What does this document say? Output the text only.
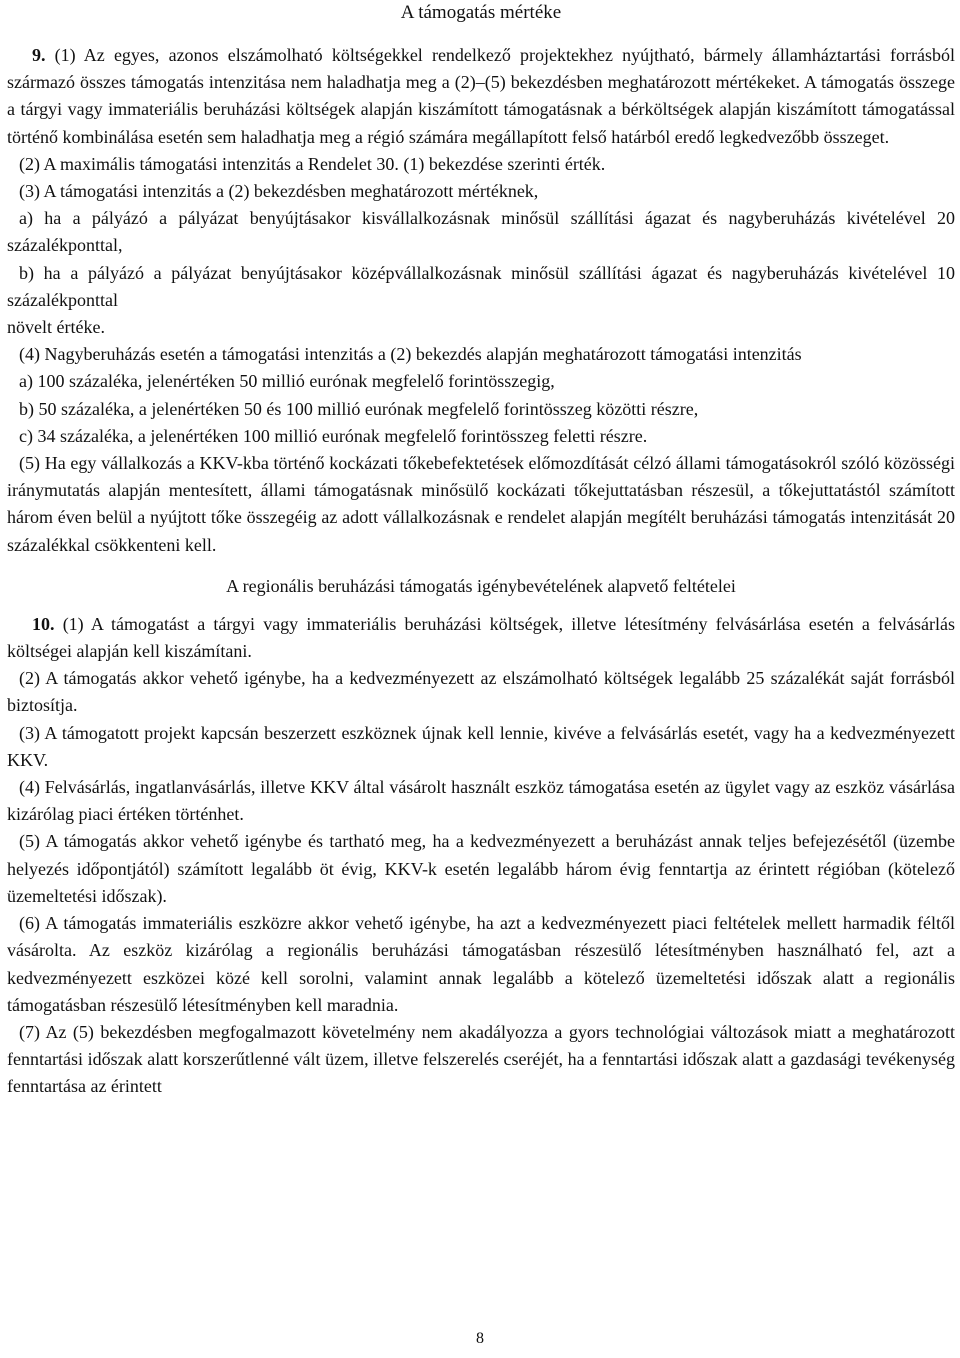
A támogatás mértéke

9. (1) Az egyes, azonos elszámolható költségekkel rendelkező projektekhez nyújtható, bármely államháztartási forrásból származó összes támogatás intenzitása nem haladhatja meg a (2)–(5) bekezdésben meghatározott mértékeket. A támogatás összege a tárgyi vagy immateriális beruházási költségek alapján kiszámított támogatásnak a bérköltségek alapján kiszámított támogatással történő kombinálása esetén sem haladhatja meg a régió számára megállapított felső határból eredő legkedvezőbb összeget.

(2) A maximális támogatási intenzitás a Rendelet 30. (1) bekezdése szerinti érték.

(3) A támogatási intenzitás a (2) bekezdésben meghatározott mértéknek,

a) ha a pályázó a pályázat benyújtásakor kisvállalkozásnak minősül szállítási ágazat és nagyberuházás kivételével 20 százalékponttal,

b) ha a pályázó a pályázat benyújtásakor középvállalkozásnak minősül szállítási ágazat és nagyberuházás kivételével 10 százalékponttal

növelt értéke.

(4) Nagyberuházás esetén a támogatási intenzitás a (2) bekezdés alapján meghatározott támogatási intenzitás

a) 100 százaléka, jelenértéken 50 millió eurónak megfelelő forintösszegig,

b) 50 százaléka, a jelenértéken 50 és 100 millió eurónak megfelelő forintösszeg közötti részre,

c) 34 százaléka, a jelenértéken 100 millió eurónak megfelelő forintösszeg feletti részre.

(5) Ha egy vállalkozás a KKV-kba történő kockázati tőkebefektetések előmozdítását célzó állami támogatásokról szóló közösségi iránymutatás alapján mentesített, állami támogatásnak minősülő kockázati tőkejuttatásban részesül, a tőkejuttatástól számított három éven belül a nyújtott tőke összegéig az adott vállalkozásnak e rendelet alapján megítélt beruházási támogatás intenzitását 20 százalékkal csökkenteni kell.

A regionális beruházási támogatás igénybevételének alapvető feltételei

10. (1) A támogatást a tárgyi vagy immateriális beruházási költségek, illetve létesítmény felvásárlása esetén a felvásárlás költségei alapján kell kiszámítani.

(2) A támogatás akkor vehető igénybe, ha a kedvezményezett az elszámolható költségek legalább 25 százalékát saját forrásból biztosítja.

(3) A támogatott projekt kapcsán beszerzett eszköznek újnak kell lennie, kivéve a felvásárlás esetét, vagy ha a kedvezményezett KKV.

(4) Felvásárlás, ingatlanvásárlás, illetve KKV által vásárolt használt eszköz támogatása esetén az ügylet vagy az eszköz vásárlása kizárólag piaci értéken történhet.

(5) A támogatás akkor vehető igénybe és tartható meg, ha a kedvezményezett a beruházást annak teljes befejezésétől (üzembe helyezés időpontjától) számított legalább öt évig, KKV-k esetén legalább három évig fenntartja az érintett régióban (kötelező üzemeltetési időszak).

(6) A támogatás immateriális eszközre akkor vehető igénybe, ha azt a kedvezményezett piaci feltételek mellett harmadik féltől vásárolta. Az eszköz kizárólag a regionális beruházási támogatásban részesülő létesítményben használható fel, azt a kedvezményezett eszközei közé kell sorolni, valamint annak legalább a kötelező üzemeltetési időszak alatt a regionális támogatásban részesülő létesítményben kell maradnia.

(7) Az (5) bekezdésben megfogalmazott követelmény nem akadályozza a gyors technológiai változások miatt a meghatározott fenntartási időszak alatt korszerűtlenné vált üzem, illetve felszerelés cseréjét, ha a fenntartási időszak alatt a gazdasági tevékenység fenntartása az érintett

8
